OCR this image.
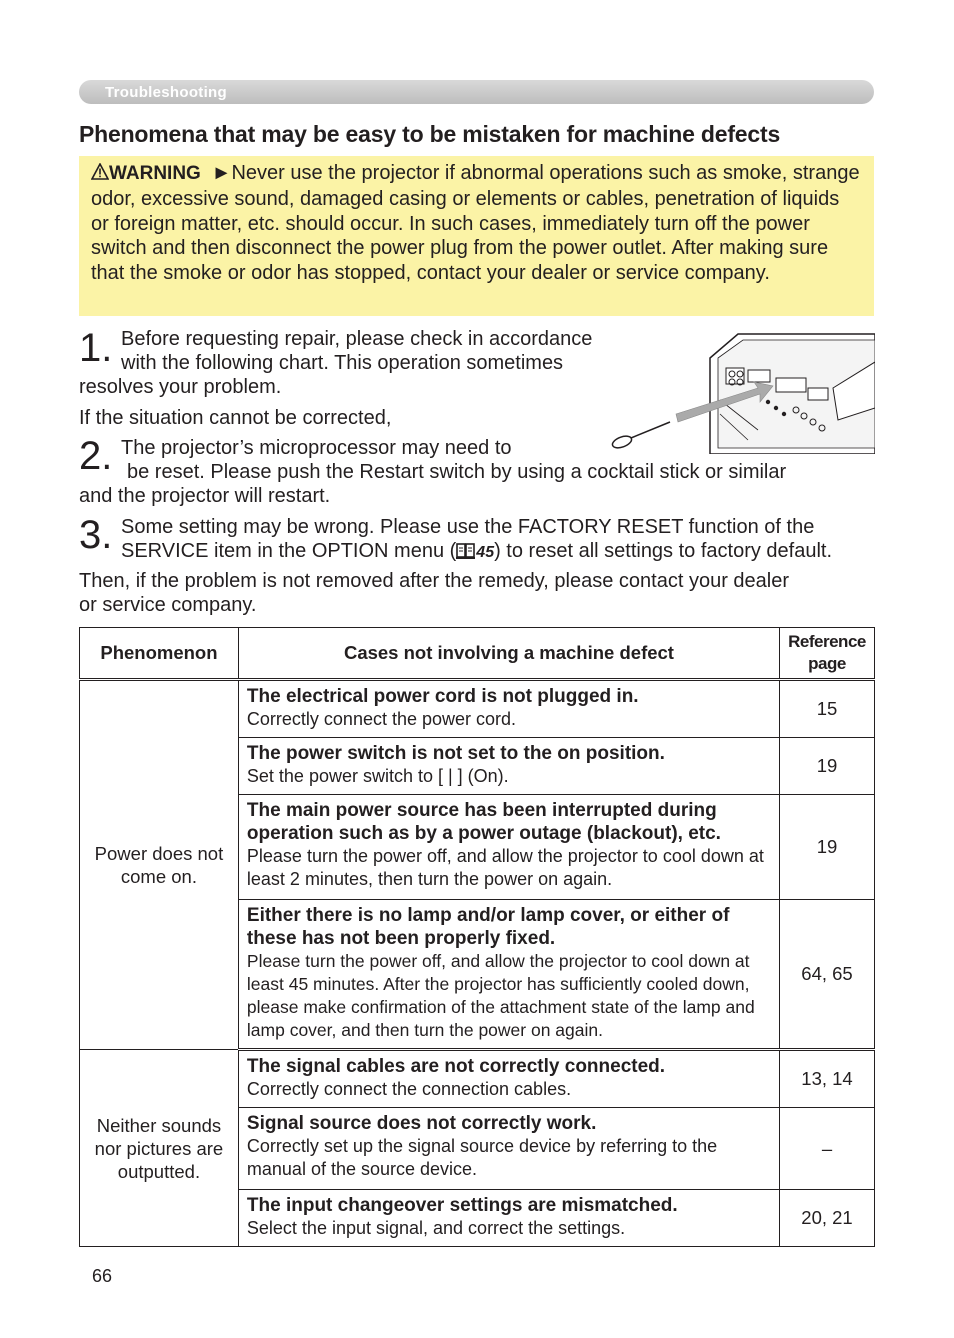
Troubleshooting
Phenomena that may be easy to be mistaken for machine defects
WARNING ►Never use the projector if abnormal operations such as smoke, strange odor, excessive sound, damaged casing or elements or cables, penetration of liquids or foreign matter, etc. should occur. In such cases, immediately turn off the power switch and then disconnect the power plug from the power outlet. After making sure that the smoke or odor has stopped, contact your dealer or service company.
1. Before requesting repair, please check in accordance
with the following chart. This operation sometimes
resolves your problem.
If the situation cannot be corrected,
2. The projector’s microprocessor may need to
be reset. Please push the Restart switch by using a cocktail stick or similar
and the projector will restart.
3. Some setting may be wrong. Please use the FACTORY RESET function of the
SERVICE item in the OPTION menu ( 45) to reset all settings to factory default.
Then, if the problem is not removed after the remedy, please contact your dealer
or service company.
Phenomenon	Cases not involving a machine defect	Reference page
Power does not come on.	The electrical power cord is not plugged in.
Correctly connect the power cord.	15

	The power switch is not set to the on position.
Set the power switch to [ | ] (On).	19

	The main power source has been interrupted during operation such as by a power outage (blackout), etc.
Please turn the power off, and allow the projector to cool down at least 2 minutes, then turn the power on again.	19

	Either there is no lamp and/or lamp cover, or either of these has not been properly fixed.
Please turn the power off, and allow the projector to cool down at least 45 minutes. After the projector has sufficiently cooled down, please make confirmation of the attachment state of the lamp and lamp cover, and then turn the power on again.	64, 65
Neither sounds nor pictures are outputted.	The signal cables are not correctly connected.
Correctly connect the connection cables.	13, 14

	Signal source does not correctly work.
Correctly set up the signal source device by referring to the manual of the source device.	–

	The input changeover settings are mismatched.
Select the input signal, and correct the settings.	20, 21
66
